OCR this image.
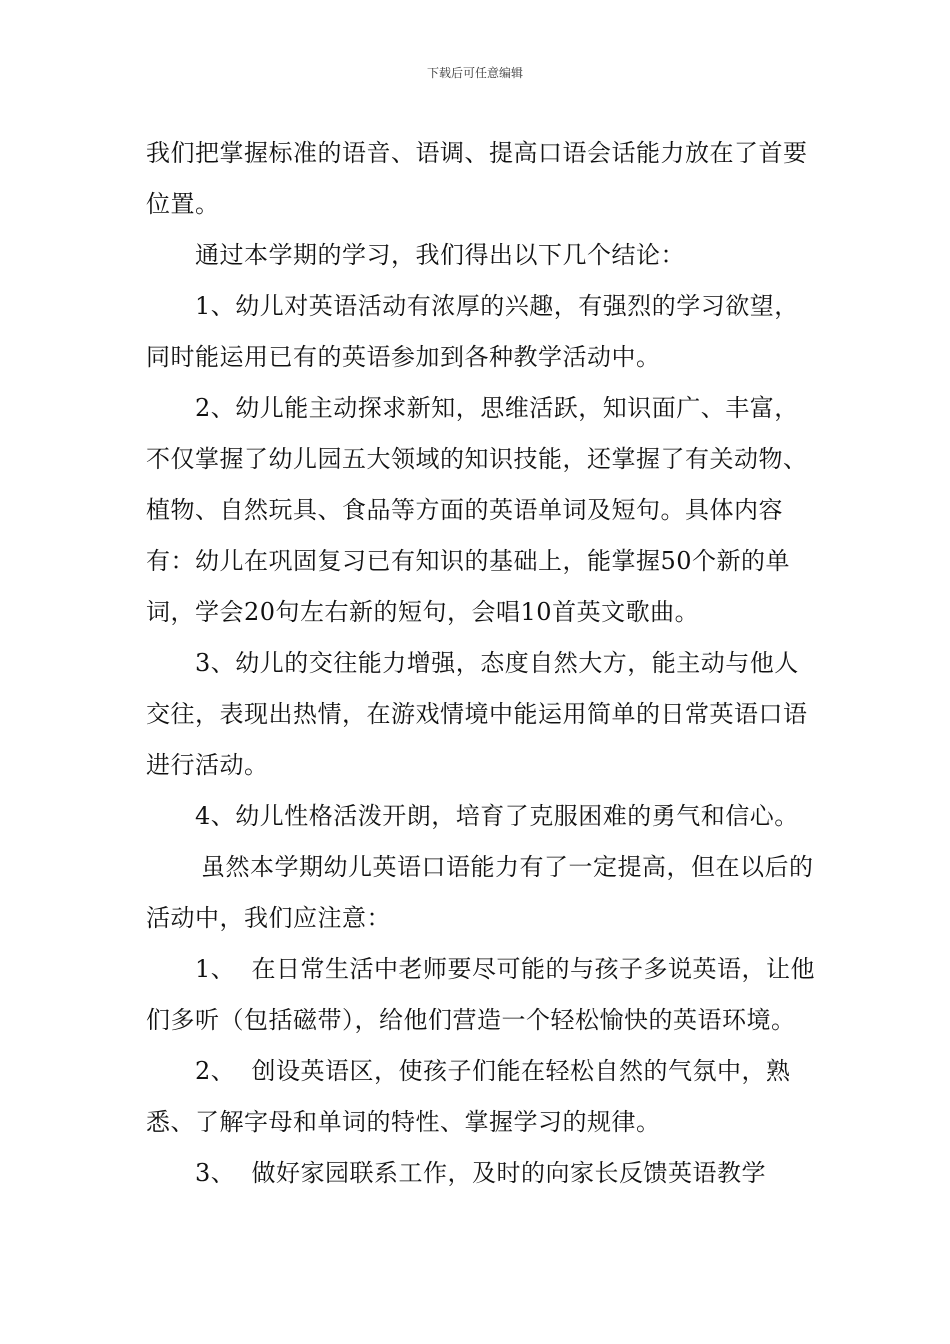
下载后可任意编辑

我们把掌握标准的语音、语调、提高口语会话能力放在了首要位置。

通过本学期的学习，我们得出以下几个结论：

1、幼儿对英语活动有浓厚的兴趣，有强烈的学习欲望，同时能运用已有的英语参加到各种教学活动中。

2、幼儿能主动探求新知，思维活跃，知识面广、丰富，不仅掌握了幼儿园五大领域的知识技能，还掌握了有关动物、植物、自然玩具、食品等方面的英语单词及短句。具体内容有：幼儿在巩固复习已有知识的基础上，能掌握50个新的单词，学会20句左右新的短句，会唱10首英文歌曲。

3、幼儿的交往能力增强，态度自然大方，能主动与他人交往，表现出热情，在游戏情境中能运用简单的日常英语口语进行活动。

4、幼儿性格活泼开朗，培育了克服困难的勇气和信心。

虽然本学期幼儿英语口语能力有了一定提高，但在以后的活动中，我们应注意：

1、  在日常生活中老师要尽可能的与孩子多说英语，让他们多听（包括磁带），给他们营造一个轻松愉快的英语环境。

2、  创设英语区，使孩子们能在轻松自然的气氛中，熟悉、了解字母和单词的特性、掌握学习的规律。

3、  做好家园联系工作，及时的向家长反馈英语教学
